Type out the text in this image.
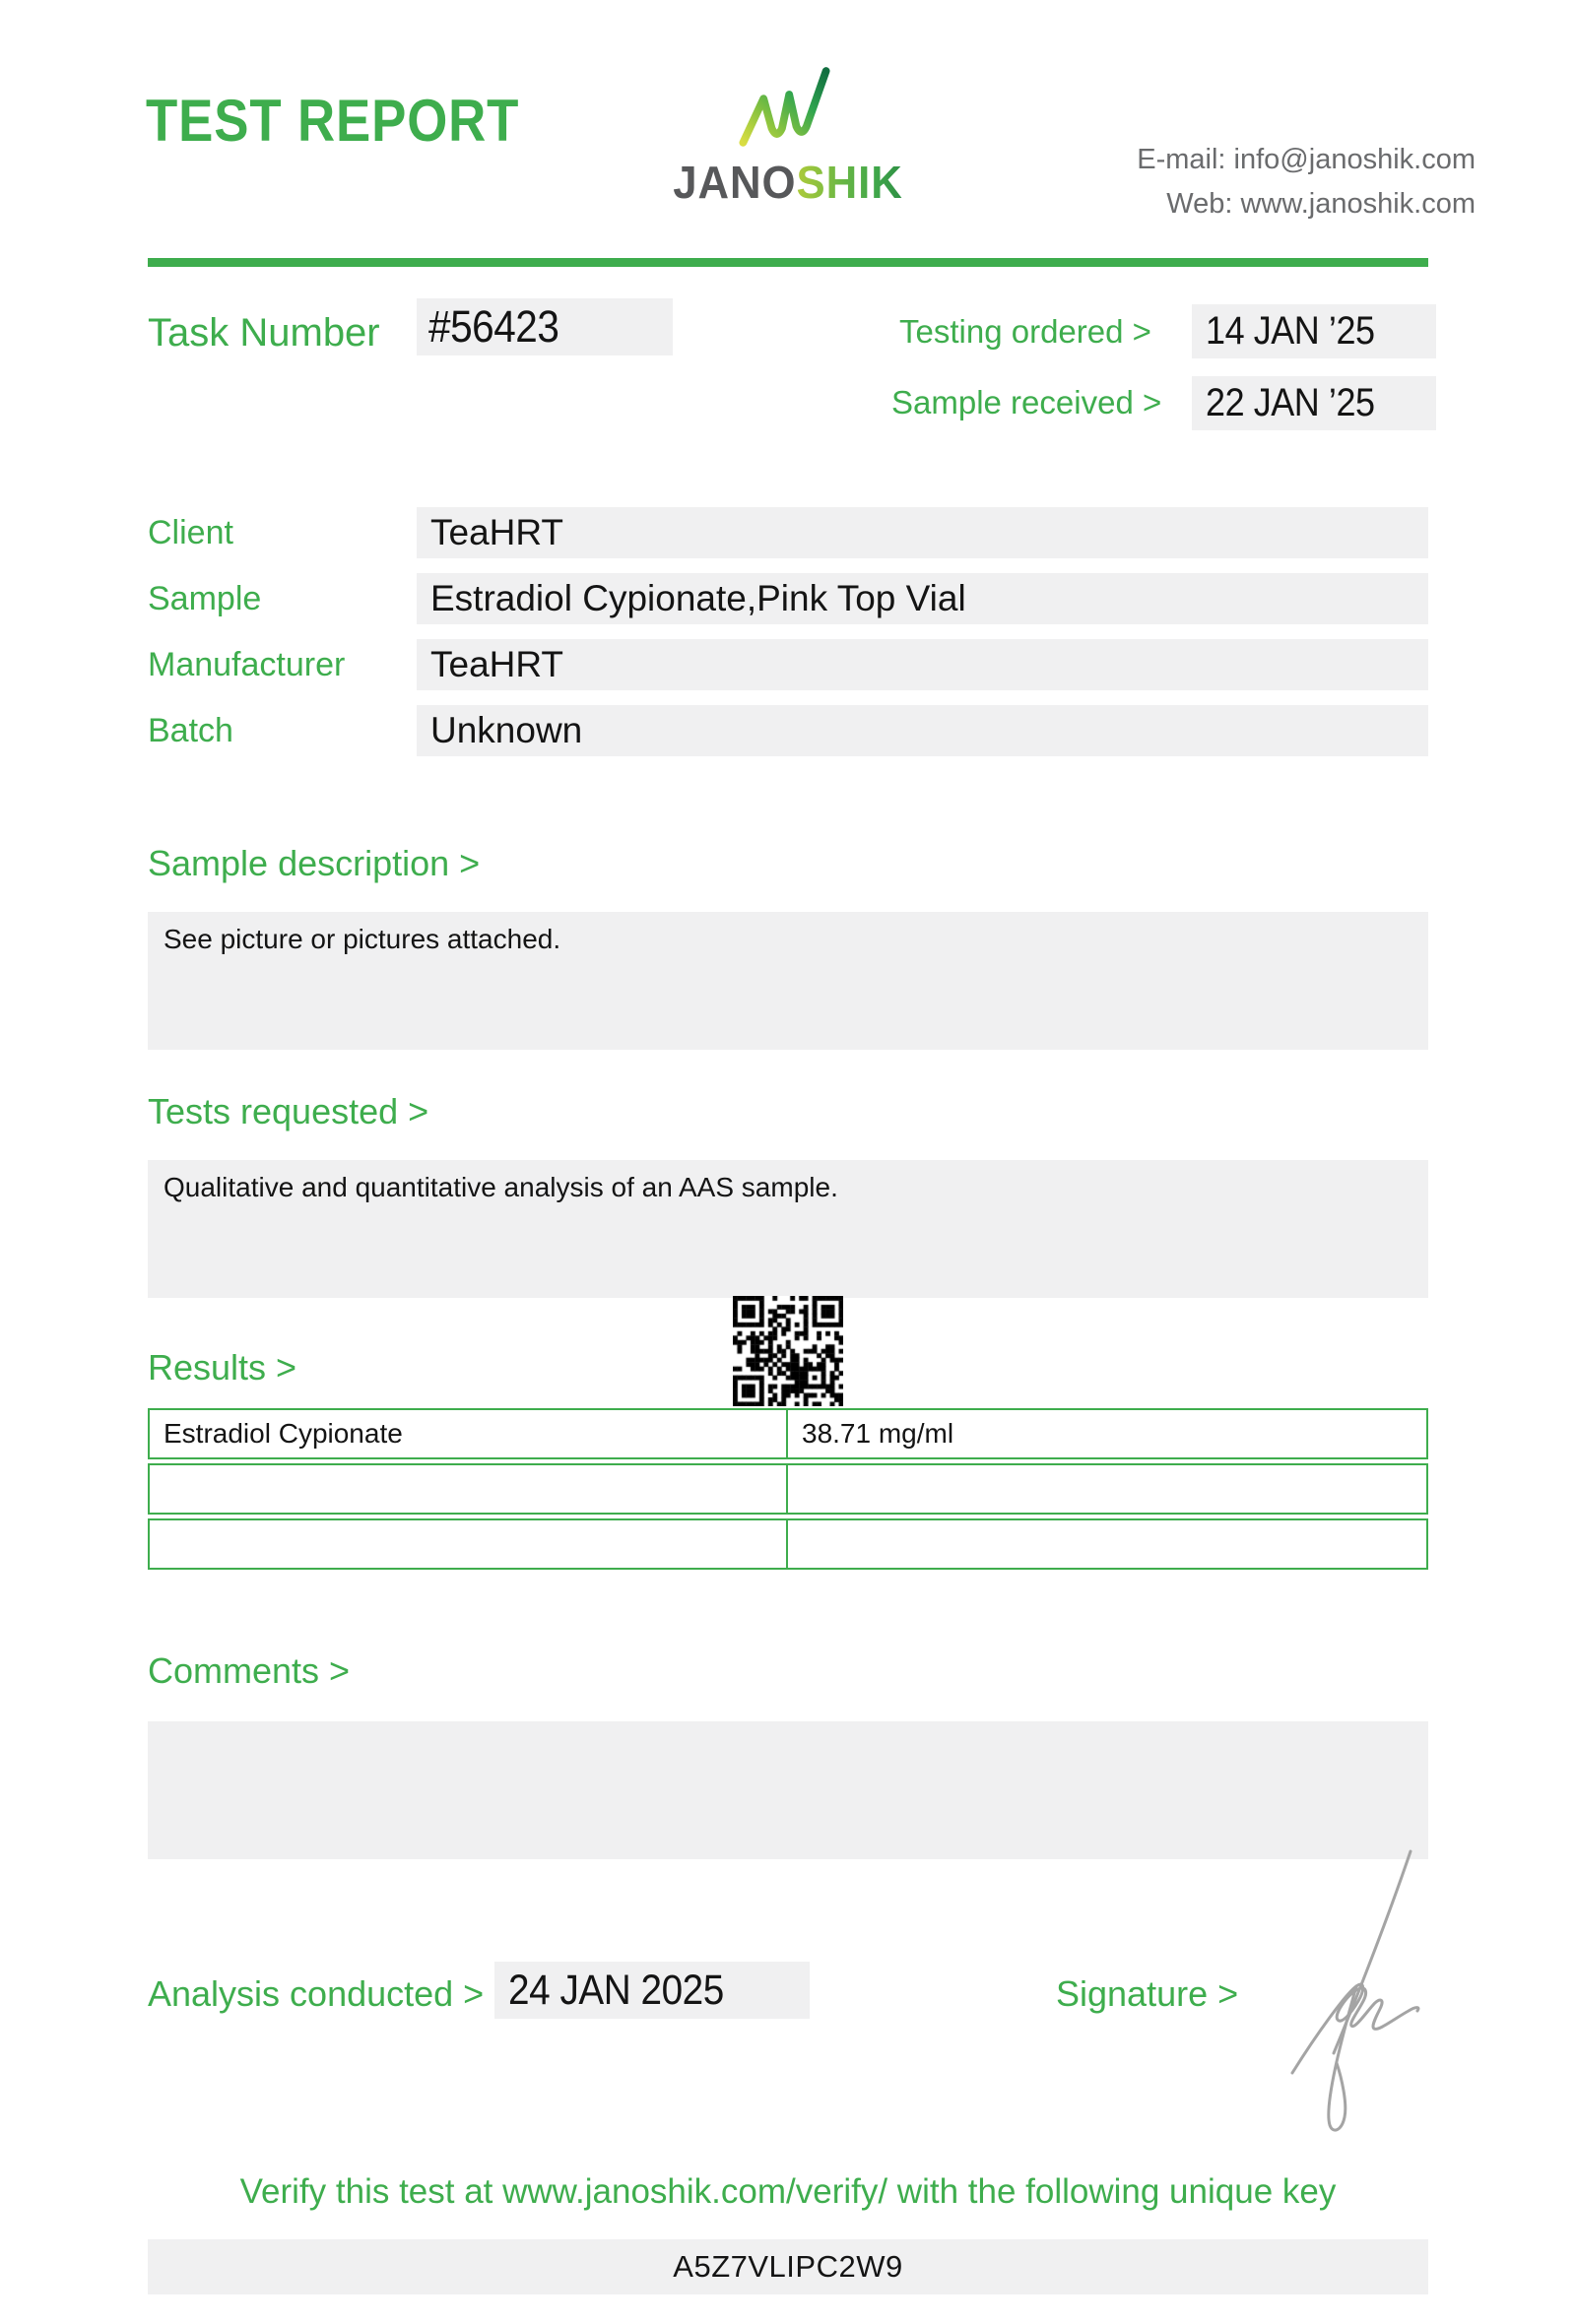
TEST REPORT
JANOSHIK	E-mail: info@janoshik.com
Web: www.janoshik.com
Task Number #56423	Testing ordered >	14 JAN ’25
Sample received >	22 JAN ’25
Client	TeaHRT
Sample	Estradiol Cypionate,Pink Top Vial
Manufacturer	TeaHRT
Batch	Unknown
Sample description >
See picture or pictures attached.
Tests requested >
Qualitative and quantitative analysis of an AAS sample.
Results >
Estradiol Cypionate	38.71 mg/ml
Comments >
Analysis conducted > 24 JAN 2025	Signature >
Verify this test at www.janoshik.com/verify/ with the following unique key
A5Z7VLIPC2W9
